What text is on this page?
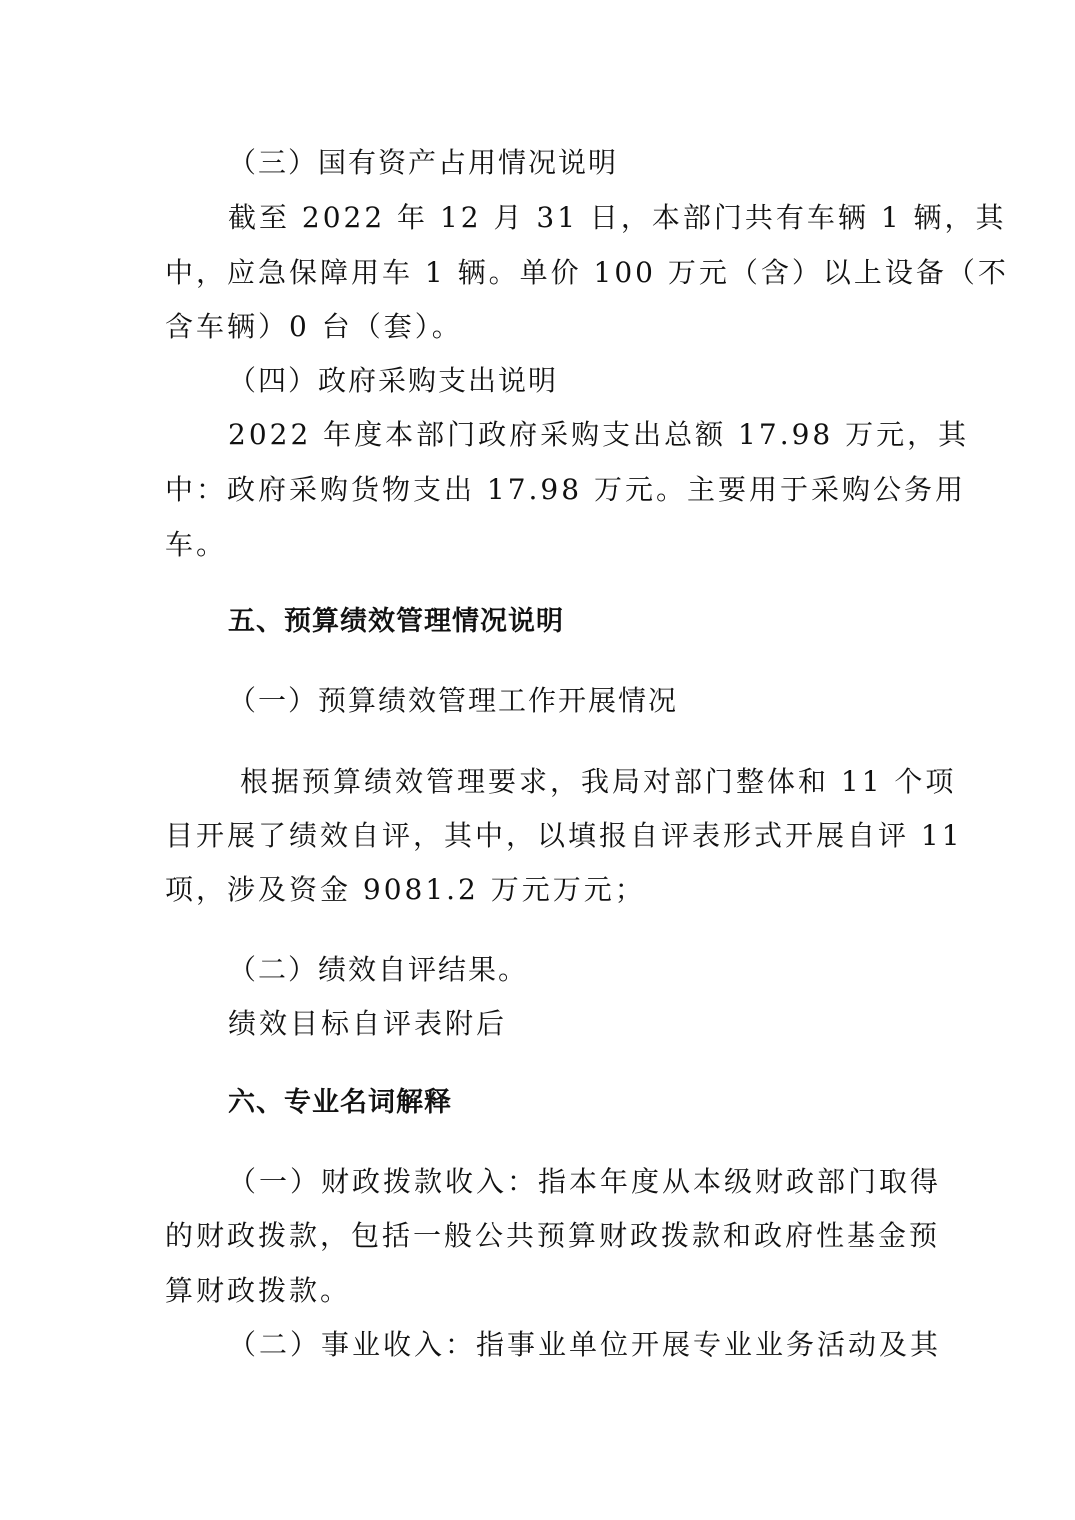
（三）国有资产占用情况说明
截至 2022 年 12 月 31 日，本部门共有车辆 1 辆，其
中，应急保障用车 1 辆。单价 100 万元（含）以上设备（不
含车辆）0 台（套）。
（四）政府采购支出说明
2022 年度本部门政府采购支出总额 17.98 万元，其
中：政府采购货物支出 17.98 万元。主要用于采购公务用
车。
五、预算绩效管理情况说明
（一）预算绩效管理工作开展情况
根据预算绩效管理要求，我局对部门整体和 11 个项
目开展了绩效自评，其中，以填报自评表形式开展自评 11
项，涉及资金 9081.2 万元万元；
（二）绩效自评结果。
绩效目标自评表附后
六、专业名词解释
（一）财政拨款收入：指本年度从本级财政部门取得
的财政拨款，包括一般公共预算财政拨款和政府性基金预
算财政拨款。
（二）事业收入：指事业单位开展专业业务活动及其
